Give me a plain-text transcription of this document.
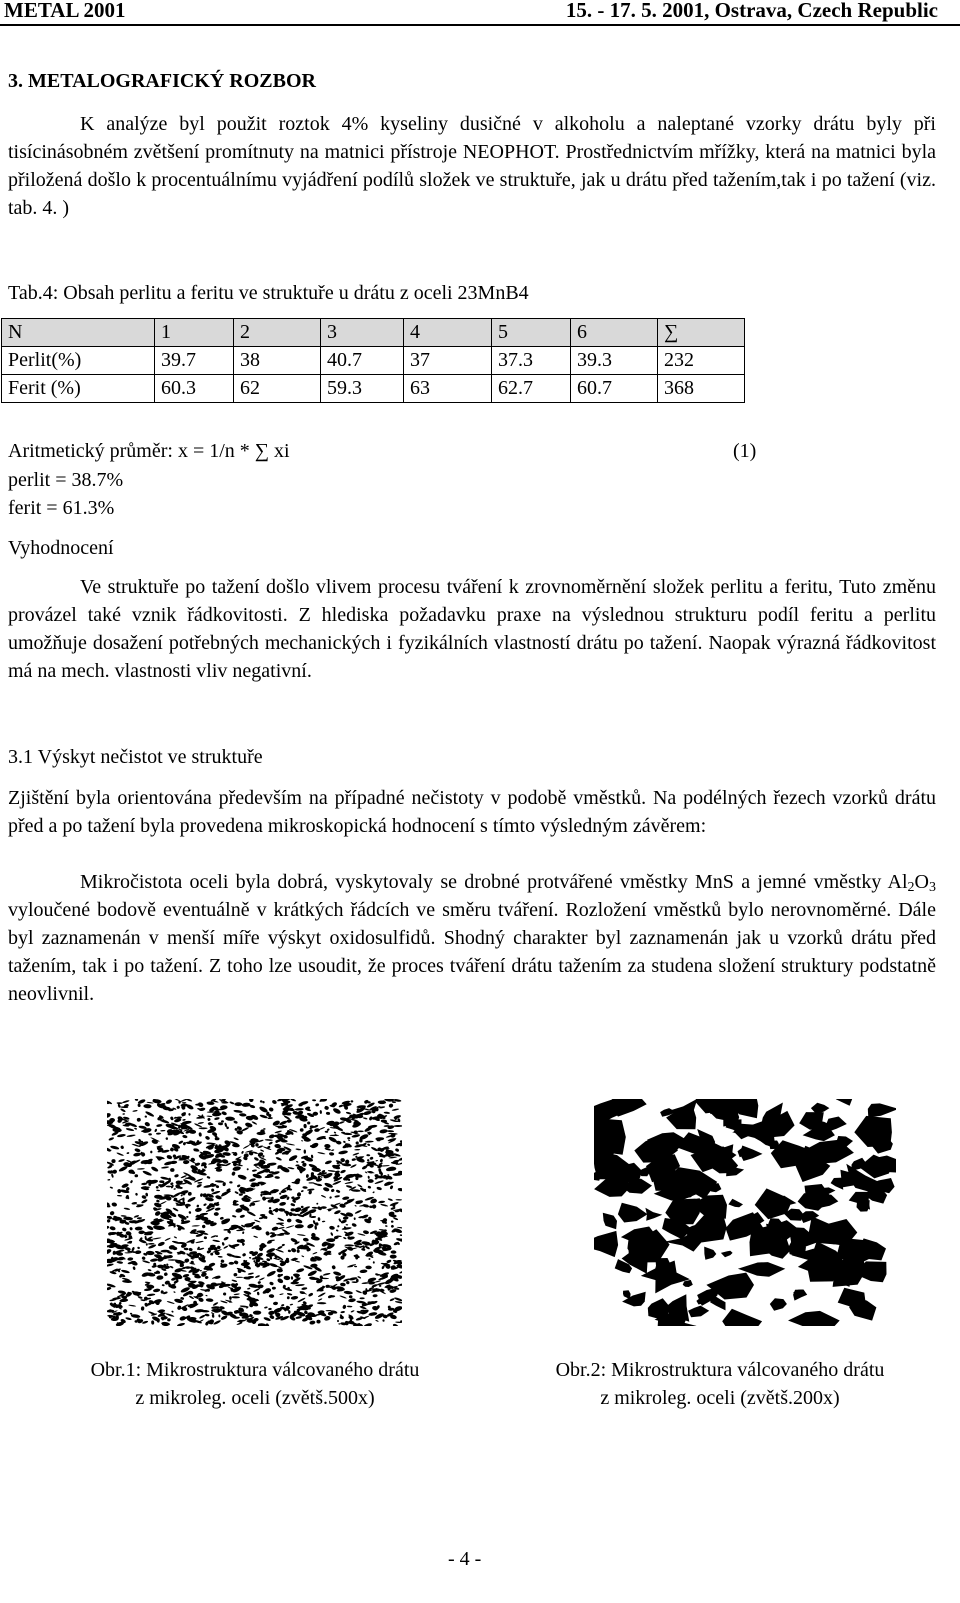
METAL 2001	15. - 17. 5. 2001, Ostrava, Czech Republic
3. METALOGRAFICKÝ ROZBOR

K analýze byl použit roztok 4% kyseliny dusičné v alkoholu a naleptané vzorky drátu byly při tisícinásobném zvětšení promítnuty na matnici přístroje NEOPHOT. Prostřednictvím mřížky, která na matnici byla přiložená došlo k procentuálnímu vyjádření podílů složek ve struktuře, jak u drátu před tažením,tak i po tažení (viz. tab. 4. )

Tab.4: Obsah perlitu a feritu ve struktuře u drátu z oceli 23MnB4
N	1	2	3	4	5	6	∑
Perlit(%)	39.7	38	40.7	37	37.3	39.3	232
Ferit (%)	60.3	62	59.3	63	62.7	60.7	368
Aritmetický průměr: x = 1/n * ∑ xi	(1)
perlit = 38.7%
ferit = 61.3%
Vyhodnocení

Ve struktuře po tažení došlo vlivem procesu tváření k zrovnoměrnění složek perlitu a feritu, Tuto změnu provázel také vznik řádkovitosti. Z hlediska požadavku praxe na výslednou strukturu podíl feritu a perlitu umožňuje dosažení potřebných mechanických i fyzikálních vlastností drátu po tažení. Naopak výrazná řádkovitost má na mech. vlastnosti vliv negativní.

3.1 Výskyt nečistot ve struktuře

Zjištění byla orientována především na případné nečistoty v podobě vměstků. Na podélných řezech vzorků drátu před a po tažení byla provedena mikroskopická hodnocení s tímto výsledným závěrem:

Mikročistota oceli byla dobrá, vyskytovaly se drobné protvářené vměstky MnS a jemné vměstky $Al_2O_3$ vyloučené bodově eventuálně v krátkých řádcích ve směru tváření. Rozložení vměstků bylo nerovnoměrné. Dále byl zaznamenán v menší míře výskyt oxidosulfidů. Shodný charakter byl zaznamenán jak u vzorků drátu před tažením, tak i po tažení. Z toho lze usoudit, že proces tváření drátu tažením za studena složení struktury podstatně neovlivnil.

Obr.1: Mikrostruktura válcovaného drátu
z mikroleg. oceli (zvětš.500x)
Obr.2: Mikrostruktura válcovaného drátu
z mikroleg. oceli (zvětš.200x)
- 4 -
